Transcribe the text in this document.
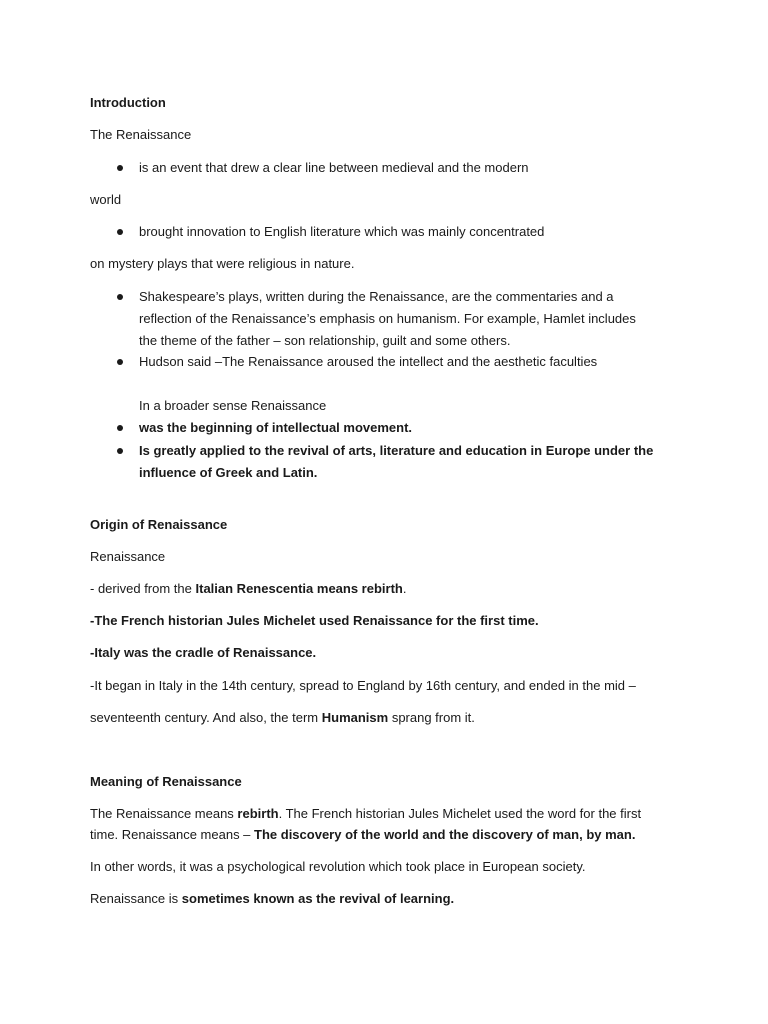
Introduction

The Renaissance

is an event that drew a clear line between medieval and the modern

world

brought innovation to English literature which was mainly concentrated

on mystery plays that were religious in nature.

Shakespeare’s plays, written during the Renaissance, are the commentaries and a

reflection of the Renaissance’s emphasis on humanism. For example, Hamlet includes

the theme of the father – son relationship, guilt and some others.

Hudson said –The Renaissance aroused the intellect and the aesthetic faculties

In a broader sense Renaissance

was the beginning of intellectual movement.

Is greatly applied to the revival of arts, literature and education in Europe under the

influence of Greek and Latin.

Origin of Renaissance

Renaissance

- derived from the Italian Renescentia means rebirth.

-The French historian Jules Michelet used Renaissance for the first time.

-Italy was the cradle of Renaissance.

-It began in Italy in the 14th century, spread to England by 16th century, and ended in the mid –

seventeenth century. And also, the term Humanism sprang from it.

Meaning of Renaissance

The Renaissance means rebirth. The French historian Jules Michelet used the word for the first

time. Renaissance means – The discovery of the world and the discovery of man, by man.

In other words, it was a psychological revolution which took place in European society.

Renaissance is sometimes known as the revival of learning.
